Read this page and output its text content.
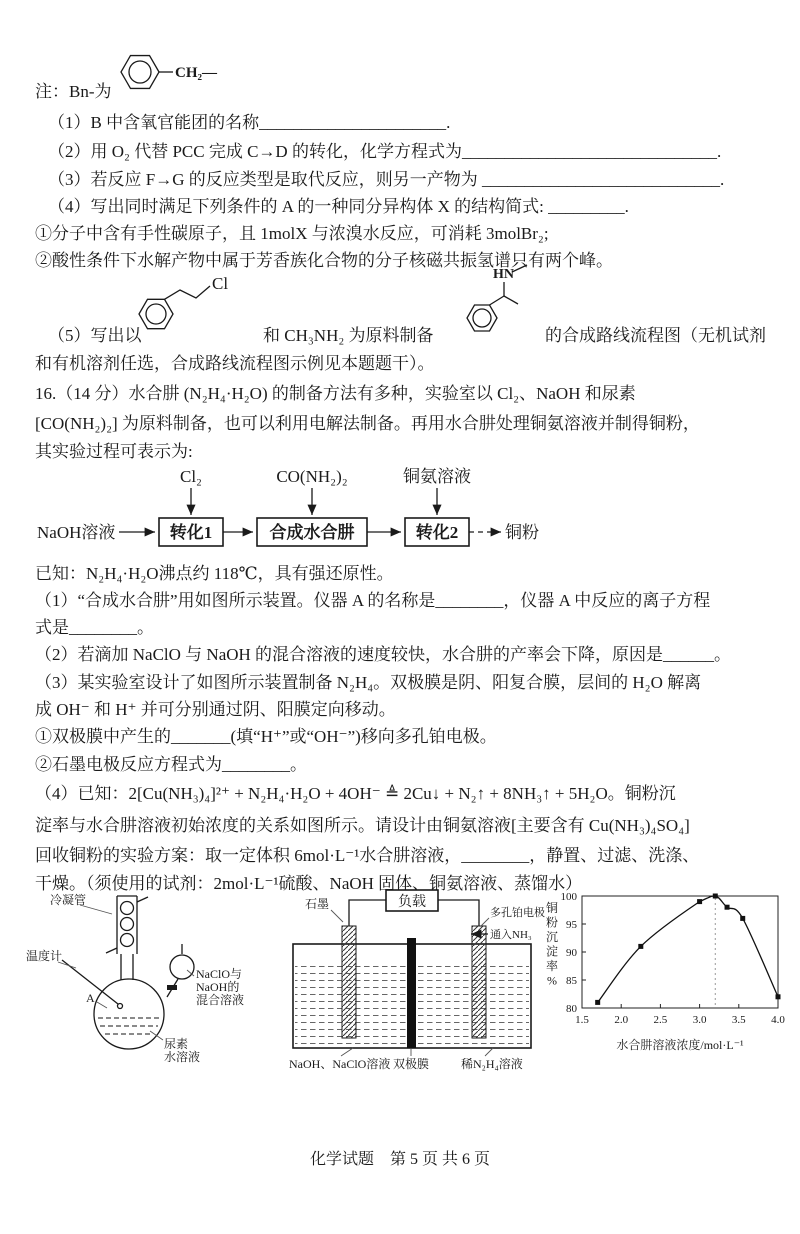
CH₂—
注：Bn-为
（1）B 中含氧官能团的名称______________________.
（2）用 O₂ 代替 PCC 完成 C→D 的转化，化学方程式为______________________________.
（3）若反应 F→G 的反应类型是取代反应，则另一产物为 ____________________________.
（4）写出同时满足下列条件的 A 的一种同分异构体 X 的结构简式: _________.
①分子中含有手性碳原子，且 1molX 与浓溴水反应，可消耗 3molBr₂;
②酸性条件下水解产物中属于芳香族化合物的分子核磁共振氢谱只有两个峰。
Cl	HN
（5）写出以	和 CH₃NH₂ 为原料制备	的合成路线流程图（无机试剂
和有机溶剂任选，合成路线流程图示例见本题题干）。
16.（14 分）水合肼 (N₂H₄·H₂O) 的制备方法有多种，实验室以 Cl₂、NaOH 和尿素
[CO(NH₂)₂] 为原料制备，也可以利用电解法制备。再用水合肼处理铜氨溶液并制得铜粉，
其实验过程可表示为:
Cl₂	CO(NH₂)₂	铜氨溶液
NaOH溶液	转化1	合成水合肼	转化2	铜粉
已知：N₂H₄·H₂O沸点约 118℃，具有强还原性。
（1）“合成水合肼”用如图所示装置。仪器 A 的名称是________，仪器 A 中反应的离子方程
式是________。
（2）若滴加 NaClO 与 NaOH 的混合溶液的速度较快，水合肼的产率会下降，原因是______。
（3）某实验室设计了如图所示装置制备 N₂H₄。双极膜是阴、阳复合膜，层间的 H₂O 解离
成 OH⁻ 和 H⁺ 并可分别通过阴、阳膜定向移动。
①双极膜中产生的_______(填“H⁺”或“OH⁻”)移向多孔铂电极。
②石墨电极反应方程式为________。
（4）已知：2[Cu(NH₃)₄]²⁺ + N₂H₄·H₂O + 4OH⁻ ≜ 2Cu↓ + N₂↑ + 8NH₃↑ + 5H₂O。铜粉沉
淀率与水合肼溶液初始浓度的关系如图所示。请设计由铜氨溶液[主要含有 Cu(NH₃)₄SO₄]
回收铜粉的实验方案：取一定体积 6mol·L⁻¹水合肼溶液，________，静置、过滤、洗涤、
干燥。（须使用的试剂：2mol·L⁻¹硫酸、NaOH 固体、铜氨溶液、蒸馏水）
冷凝管
温度计
NaClO与
NaOH的
混合溶液
A
尿素
水溶液
负载
石墨
多孔铂电极
通入NH₃
NaOH、NaClO溶液 双极膜	稀N₂H₄溶液
80
85
90
95
100
1.5 2.0 2.5 3.0 3.5 4.0
水合肼溶液浓度/mol·L⁻¹
铜
粉
沉
淀
率
%
化学试题　第 5 页 共 6 页
